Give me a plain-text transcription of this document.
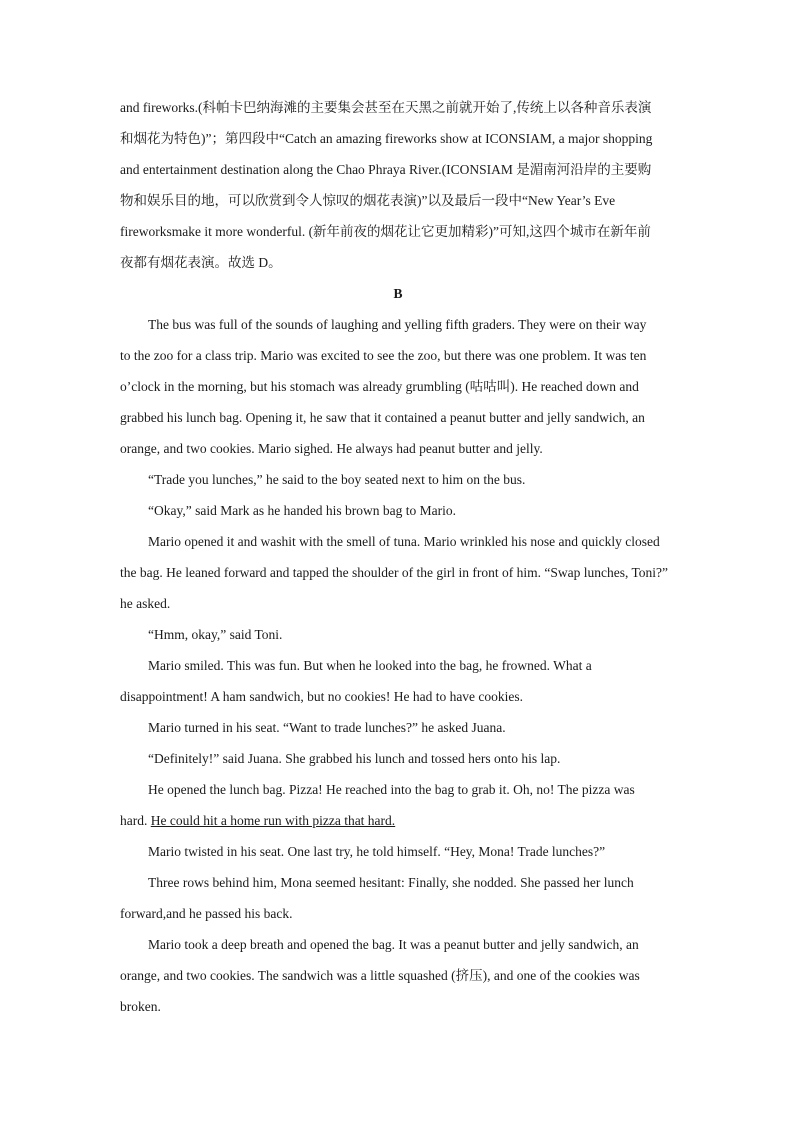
and fireworks.(科帕卡巴纳海滩的主要集会甚至在天黑之前就开始了,传统上以各种音乐表演
和烟花为特色)”；第四段中“Catch an amazing fireworks show at ICONSIAM, a major shopping
and entertainment destination along the Chao Phraya River.(ICONSIAM 是湄南河沿岸的主要购
物和娱乐目的地，可以欣赏到令人惊叹的烟花表演)”以及最后一段中“New Year’s Eve
fireworksmake it more wonderful. (新年前夜的烟花让它更加精彩)”可知,这四个城市在新年前
夜都有烟花表演。故选 D。
B
The bus was full of the sounds of laughing and yelling fifth graders. They were on their way
to the zoo for a class trip. Mario was excited to see the zoo, but there was one problem. It was ten
o’clock in the morning, but his stomach was already grumbling (咕咕叫). He reached down and
grabbed his lunch bag. Opening it, he saw that it contained a peanut butter and jelly sandwich, an
orange, and two cookies. Mario sighed. He always had peanut butter and jelly.
“Trade you lunches,” he said to the boy seated next to him on the bus.
“Okay,” said Mark as he handed his brown bag to Mario.
Mario opened it and washit with the smell of tuna. Mario wrinkled his nose and quickly closed
the bag. He leaned forward and tapped the shoulder of the girl in front of him. “Swap lunches, Toni?”
he asked.
“Hmm, okay,” said Toni.
Mario smiled. This was fun. But when he looked into the bag, he frowned. What a
disappointment! A ham sandwich, but no cookies! He had to have cookies.
Mario turned in his seat. “Want to trade lunches?” he asked Juana.
“Definitely!” said Juana. She grabbed his lunch and tossed hers onto his lap.
He opened the lunch bag. Pizza! He reached into the bag to grab it. Oh, no! The pizza was
hard.
He could hit a home run with pizza that hard.
Mario twisted in his seat. One last try, he told himself. “Hey, Mona! Trade lunches?”
Three rows behind him, Mona seemed hesitant: Finally, she nodded. She passed her lunch
forward,and he passed his back.
Mario took a deep breath and opened the bag. It was a peanut butter and jelly sandwich, an
orange, and two cookies. The sandwich was a little squashed (挤压), and one of the cookies was
broken.
